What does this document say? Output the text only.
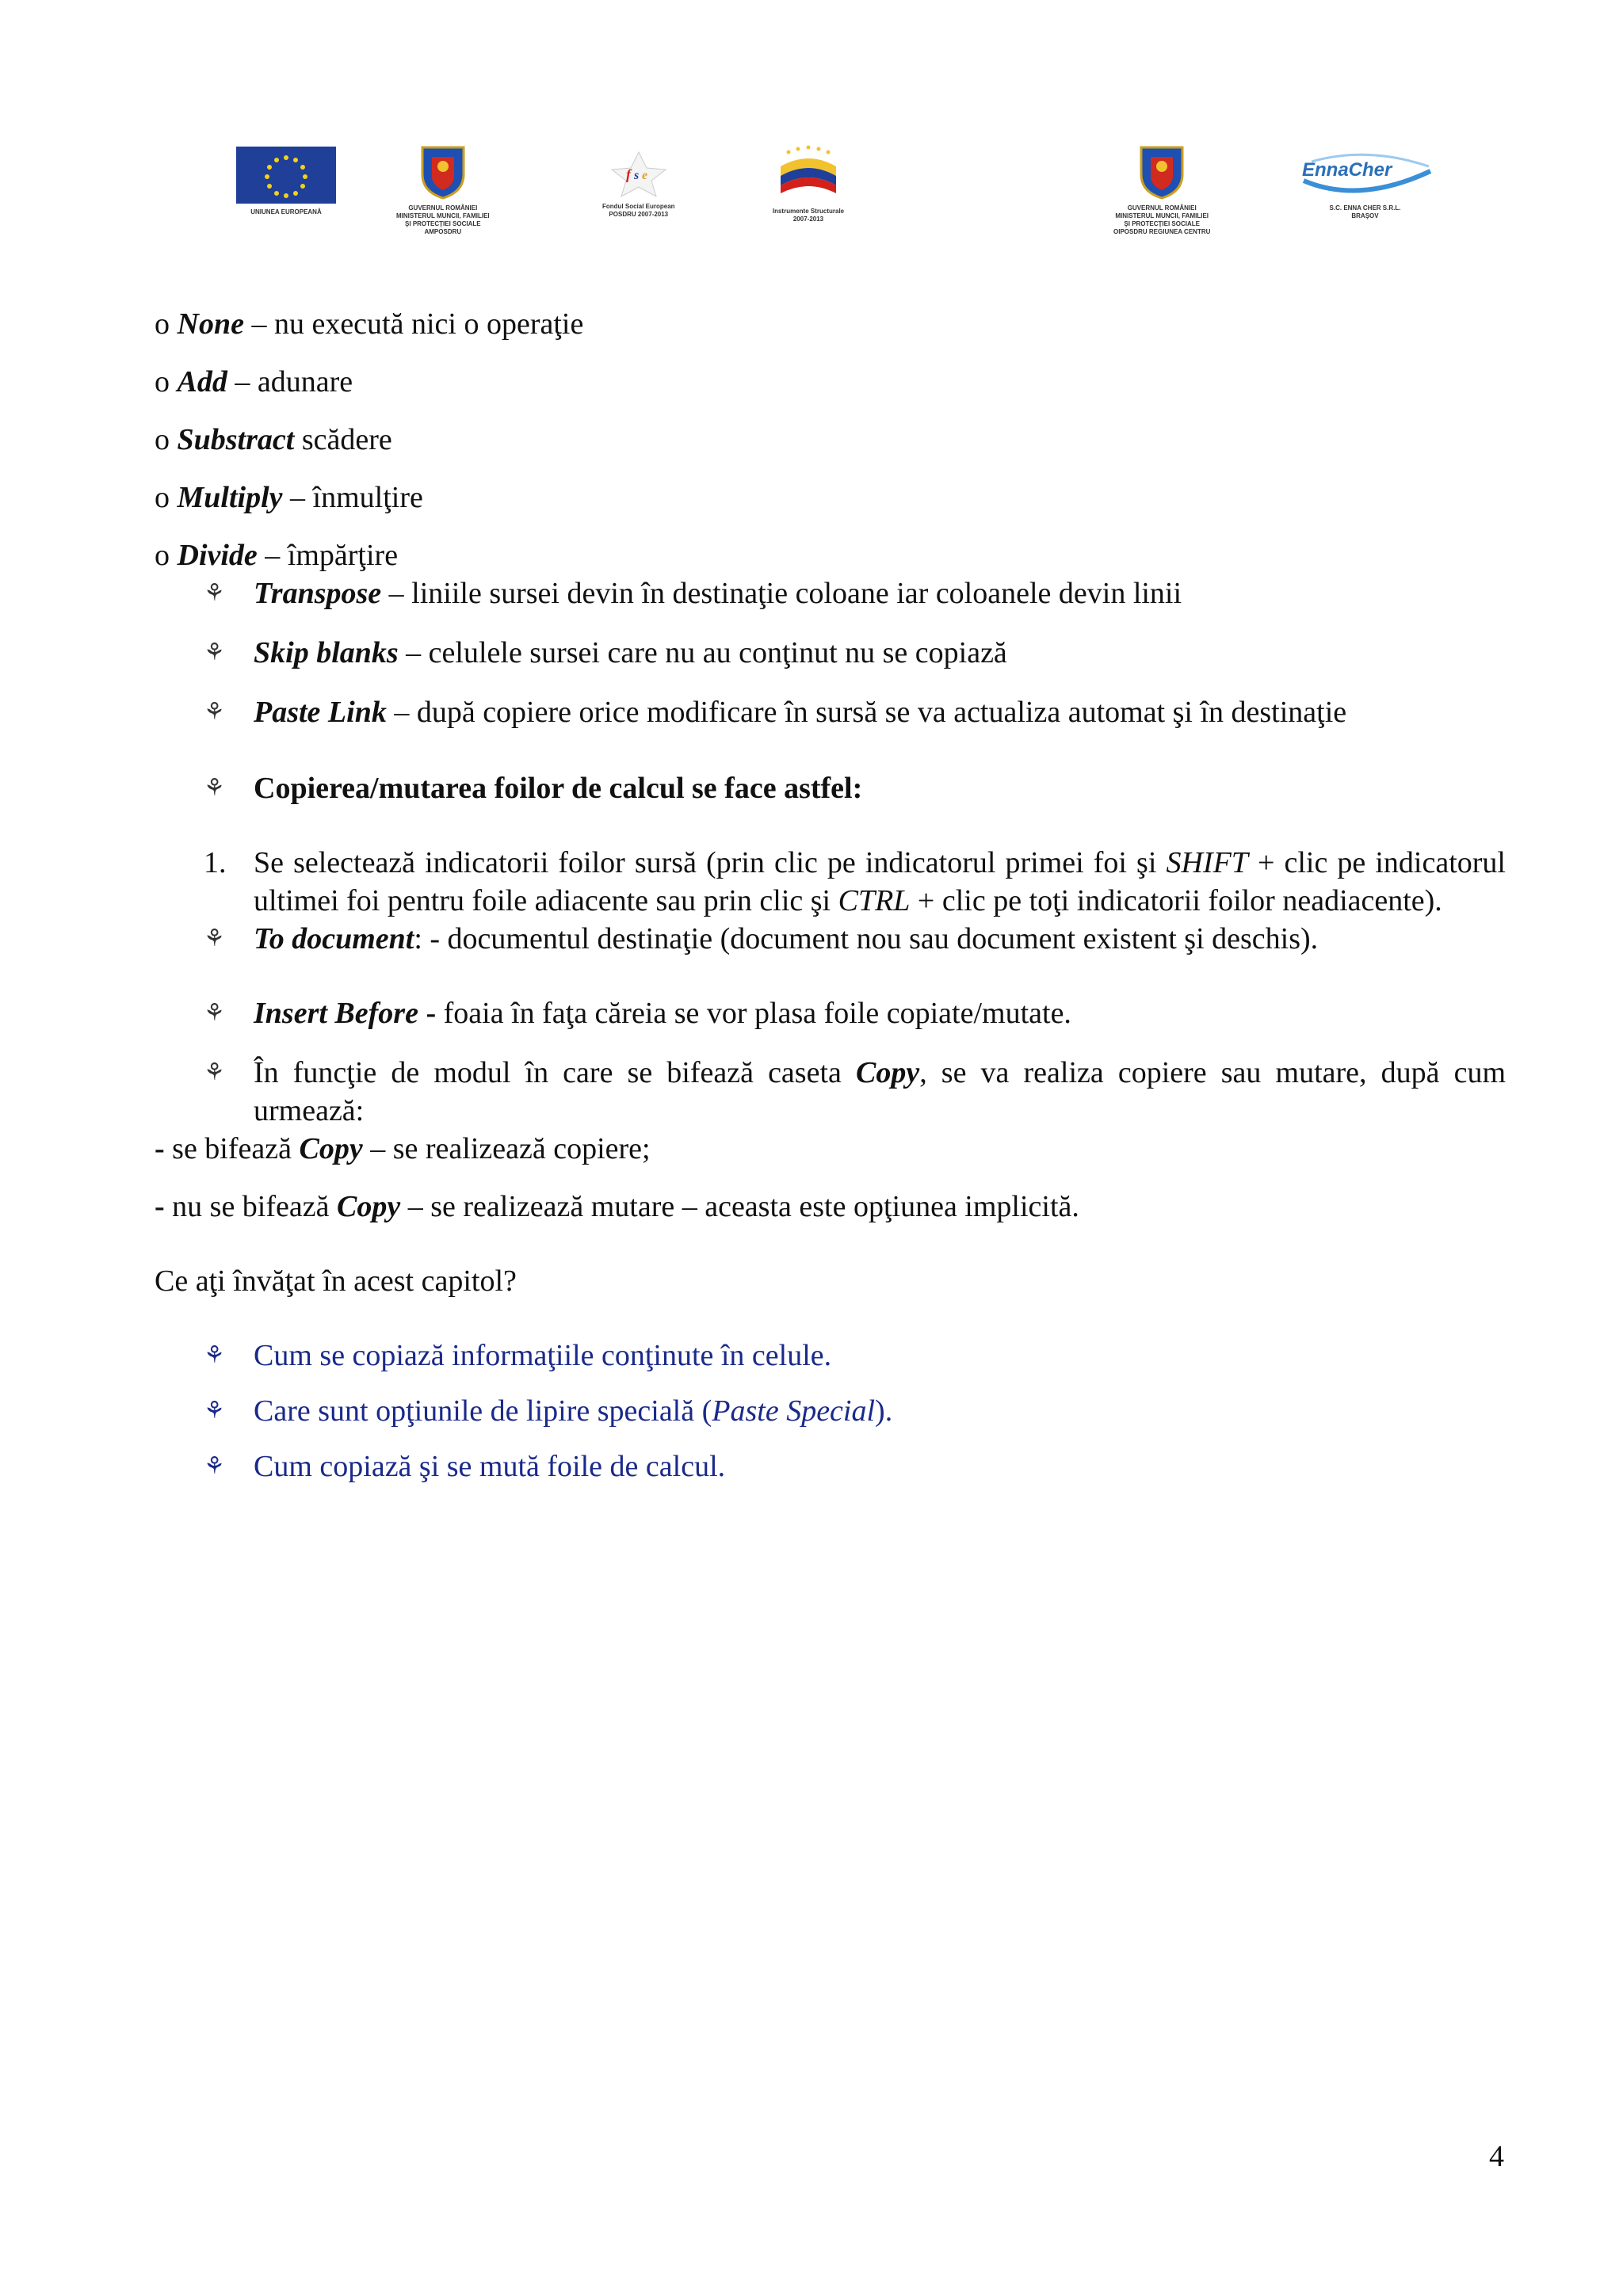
UNIUNEA EUROPEANĂ
GUVERNUL ROMÂNIEI
MINISTERUL MUNCII, FAMILIEI
ŞI PROTECŢIEI SOCIALE
AMPOSDRU
f s e
Fondul Social European
POSDRU 2007-2013	Instrumente Structurale
2007-2013
GUVERNUL ROMÂNIEI
MINISTERUL MUNCII, FAMILIEI
ŞI PROTECŢIEI SOCIALE
OIPOSDRU REGIUNEA CENTRU
EnnaCher
S.C. ENNA CHER S.R.L.
BRAŞOV

o None – nu execută nici o operaţie

o Add – adunare

o Substract scădere

o Multiply – înmulţire

o Divide – împărţire

⚘ Transpose – liniile sursei devin în destinaţie coloane iar coloanele devin linii

⚘ Skip blanks – celulele sursei care nu au conţinut nu se copiază

⚘ Paste Link – după copiere orice modificare în sursă se va actualiza automat şi în destinaţie

⚘ Copierea/mutarea foilor de calcul se face astfel:

1. Se selectează indicatorii foilor sursă (prin clic pe indicatorul primei foi şi SHIFT + clic pe indicatorul ultimei foi pentru foile adiacente sau prin clic şi CTRL + clic pe toţi indicatorii foilor neadiacente).

⚘ To document: - documentul destinaţie (document nou sau document existent şi deschis).

⚘ Insert Before - foaia în faţa căreia se vor plasa foile copiate/mutate.

⚘ În funcţie de modul în care se bifează caseta Copy, se va realiza copiere sau mutare, după cum urmează:

- se bifează Copy – se realizează copiere;

- nu se bifează Copy – se realizează mutare – aceasta este opţiunea implicită.

Ce aţi învăţat în acest capitol?

⚘ Cum se copiază informaţiile conţinute în celule.

⚘ Care sunt opţiunile de lipire specială (Paste Special).

⚘ Cum copiază şi se mută foile de calcul.

4
